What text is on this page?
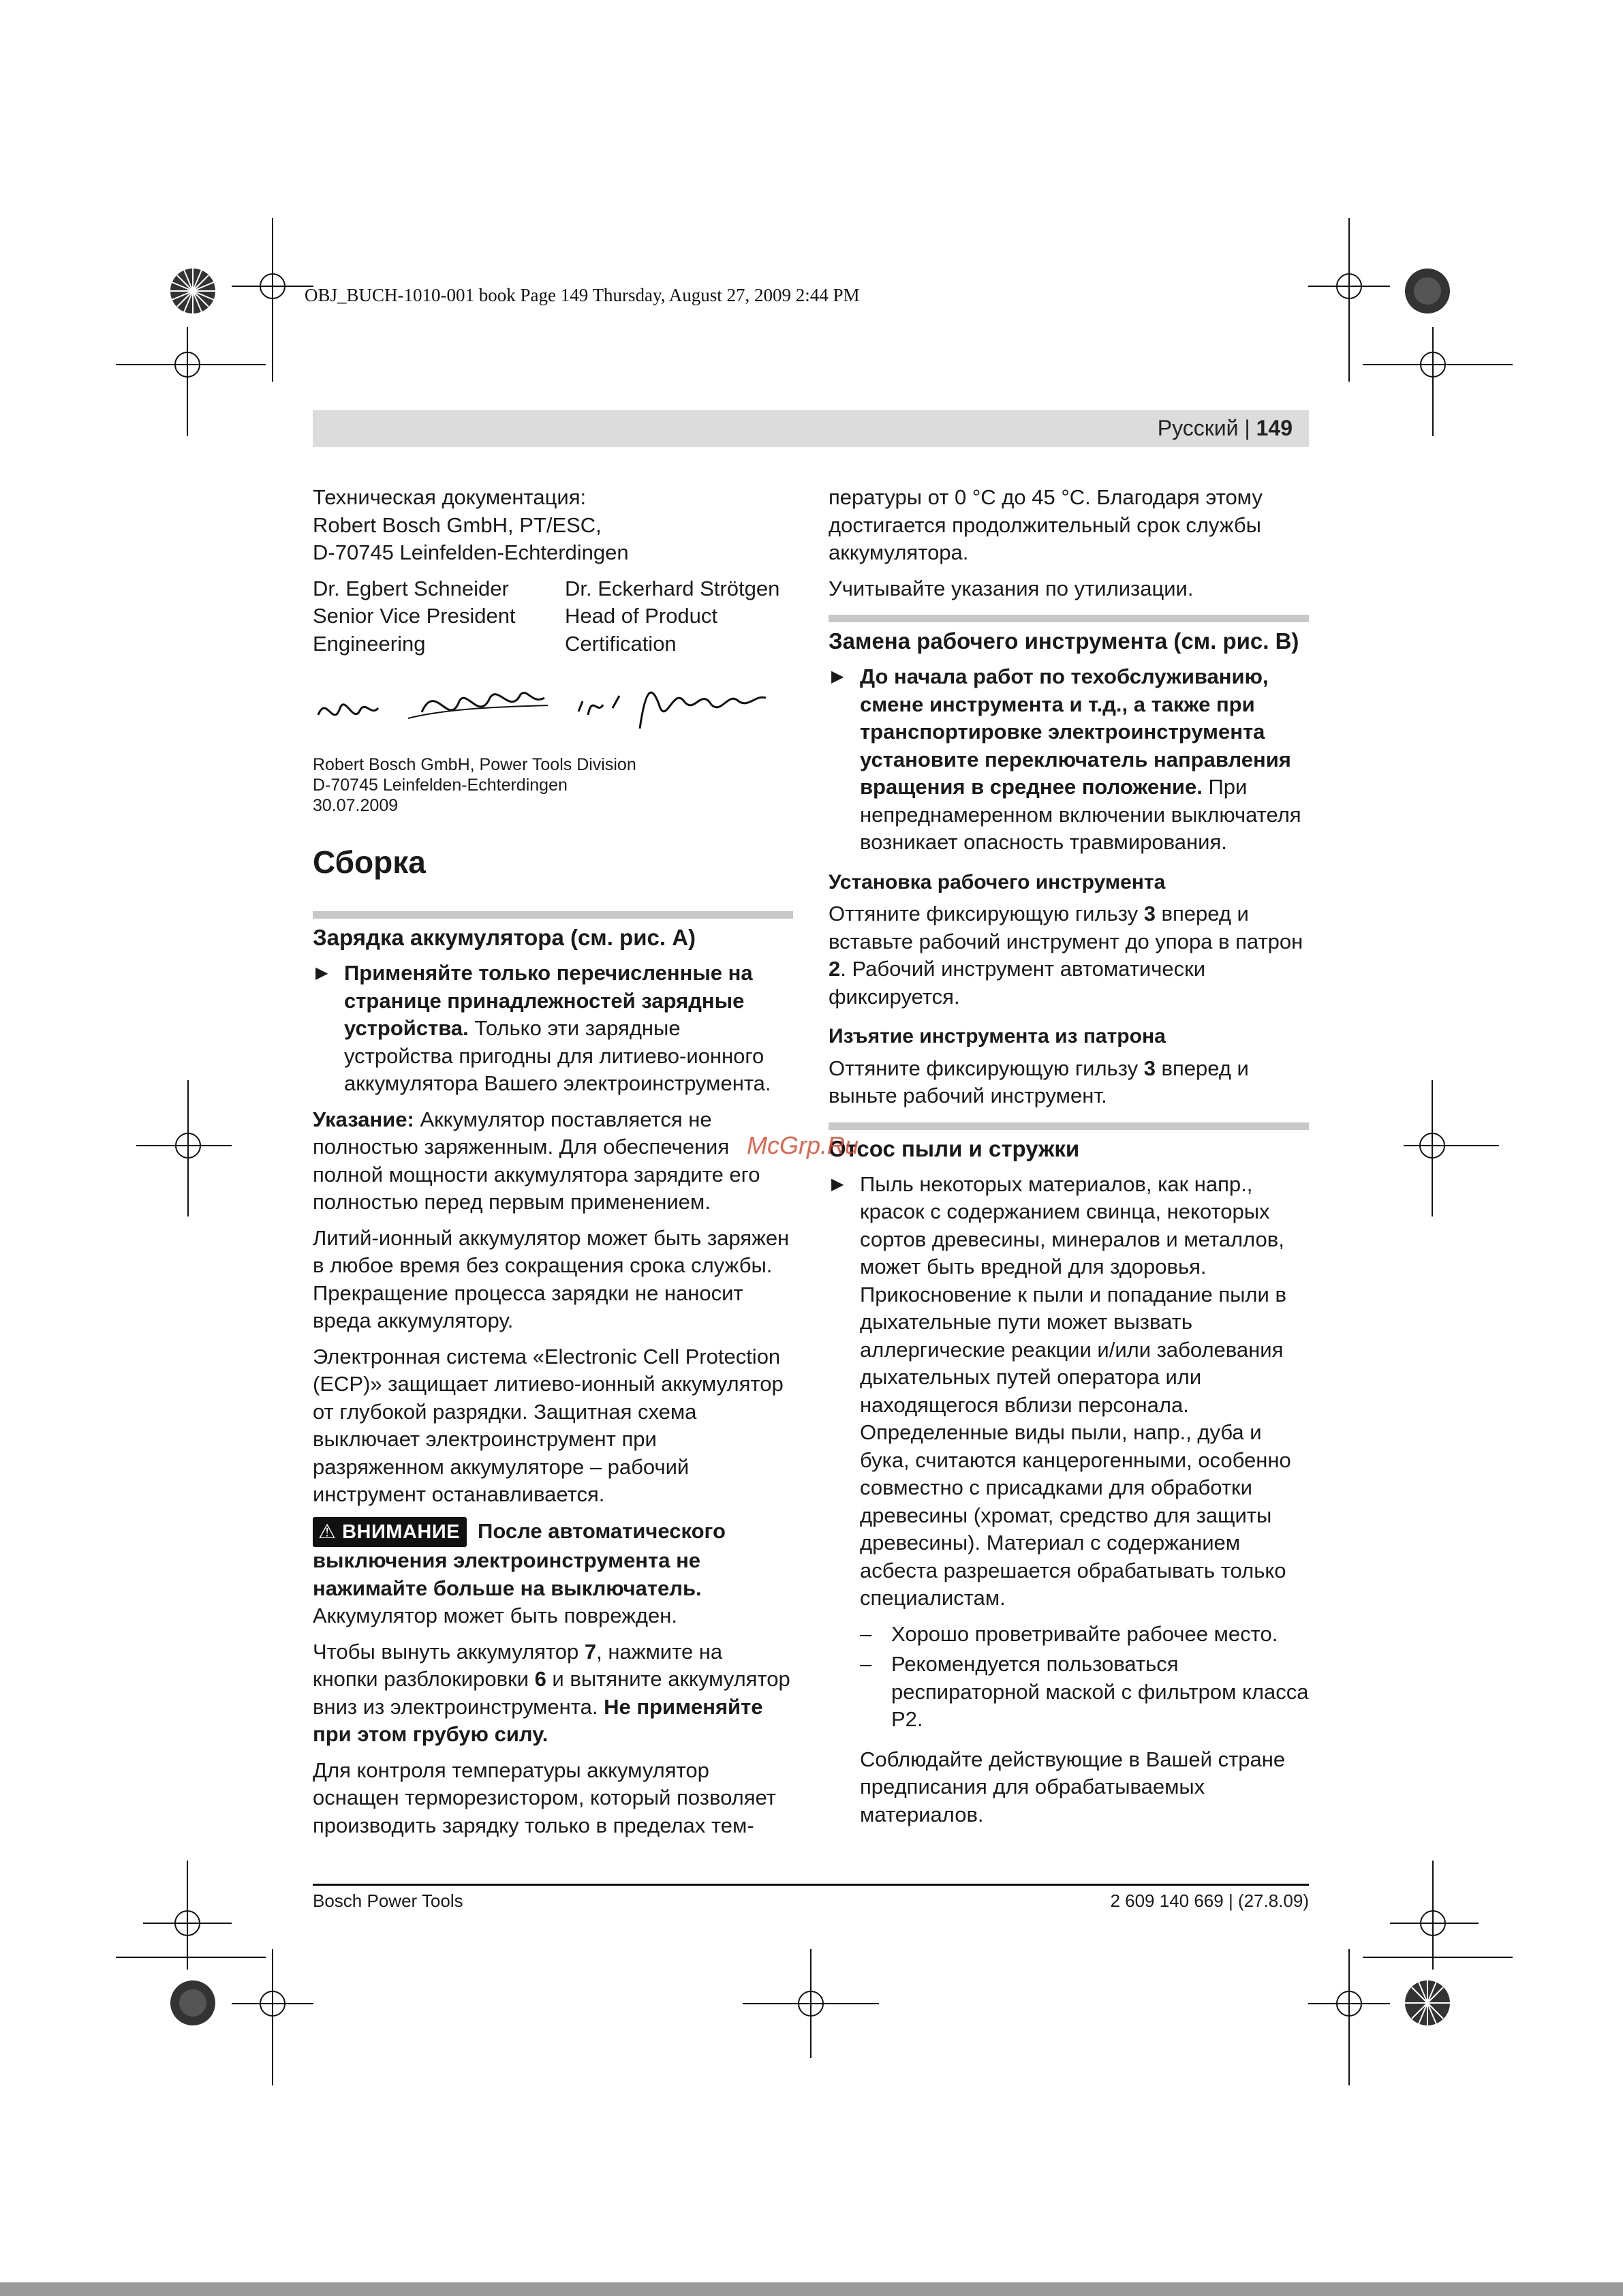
OBJ_BUCH-1010-001 book Page 149 Thursday, August 27, 2009 2:44 PM
Русский | 149

Техническая документация:
Robert Bosch GmbH, PT/ESC,
D-70745 Leinfelden-Echterdingen

Dr. Egbert Schneider
Senior Vice President
Engineering
Dr. Eckerhard Strötgen
Head of Product
Certification

Robert Bosch GmbH, Power Tools Division
D-70745 Leinfelden-Echterdingen
30.07.2009

Сборка
Зарядка аккумулятора (см. рис. А)
▶ Применяйте только перечисленные на странице принадлежностей зарядные устройства. Только эти зарядные устройства пригодны для литиево-ионного аккумулятора Вашего электроинструмента.

Указание: Аккумулятор поставляется не полностью заряженным. Для обеспечения полной мощности аккумулятора зарядите его полностью перед первым применением.

Литий-ионный аккумулятор может быть заряжен в любое время без сокращения срока службы. Прекращение процесса зарядки не наносит вреда аккумулятору.

Электронная система «Electronic Cell Protection (ECP)» защищает литиево-ионный аккумулятор от глубокой разрядки. Защитная схема выключает электроинструмент при разряженном аккумуляторе – рабочий инструмент останавливается.

⚠ ВНИМАНИЕ После автоматического выключения электроинструмента не нажимайте больше на выключатель. Аккумулятор может быть поврежден.

Чтобы вынуть аккумулятор 7, нажмите на кнопки разблокировки 6 и вытяните аккумулятор вниз из электроинструмента. Не применяйте при этом грубую силу.

Для контроля температуры аккумулятор оснащен терморезистором, который позволяет производить зарядку только в пределах тем-

пературы от 0 °C до 45 °C. Благодаря этому достигается продолжительный срок службы аккумулятора.

Учитывайте указания по утилизации.

Замена рабочего инструмента (см. рис. B)
▶ До начала работ по техобслуживанию, смене инструмента и т.д., а также при транспортировке электроинструмента установите переключатель направления вращения в среднее положение. При непреднамеренном включении выключателя возникает опасность травмирования.
Установка рабочего инструмента

Оттяните фиксирующую гильзу 3 вперед и вставьте рабочий инструмент до упора в патрон 2. Рабочий инструмент автоматически фиксируется.

Изъятие инструмента из патрона

Оттяните фиксирующую гильзу 3 вперед и выньте рабочий инструмент.

Отсос пыли и стружки
▶ Пыль некоторых материалов, как напр., красок с содержанием свинца, некоторых сортов древесины, минералов и металлов, может быть вредной для здоровья. Прикосновение к пыли и попадание пыли в дыхательные пути может вызвать аллергические реакции и/или заболевания дыхательных путей оператора или находящегося вблизи персонала. Определенные виды пыли, напр., дуба и бука, считаются канцерогенными, особенно совместно с присадками для обработки древесины (хромат, средство для защиты древесины). Материал с содержанием асбеста разрешается обрабатывать только специалистам.
– Хорошо проветривайте рабочее место.
– Рекомендуется пользоваться респираторной маской с фильтром класса P2.

Соблюдайте действующие в Вашей стране предписания для обрабатываемых материалов.

McGrp.Ru
Bosch Power Tools	2 609 140 669 | (27.8.09)
